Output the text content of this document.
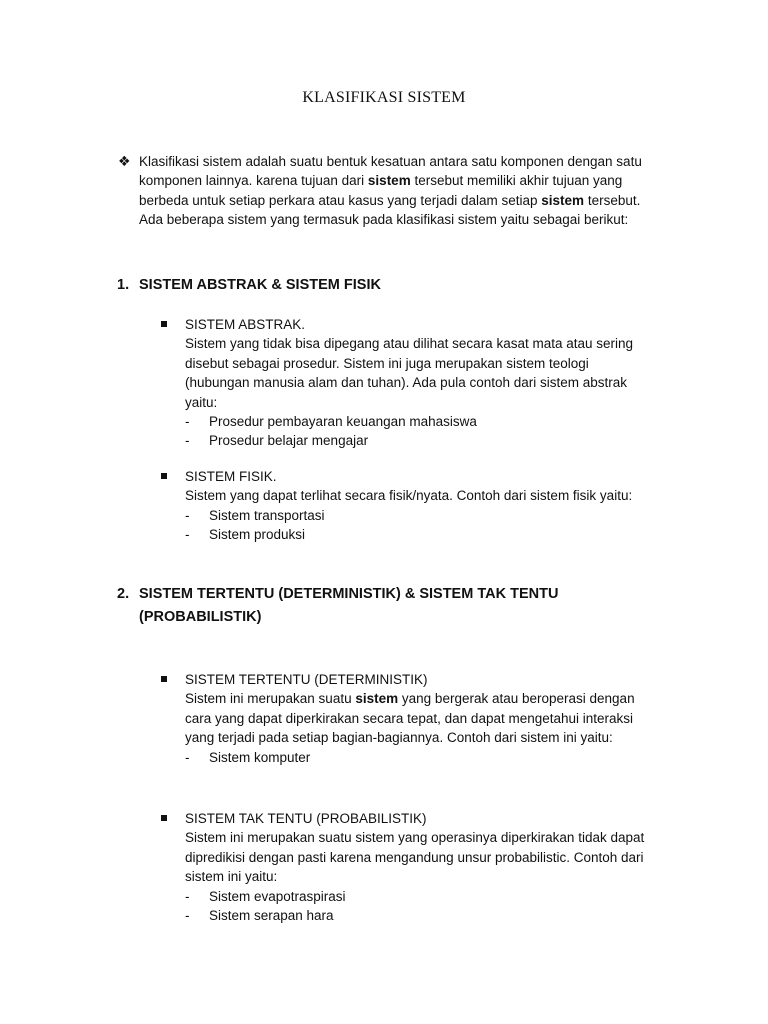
KLASIFIKASI SISTEM
❖ Klasifikasi sistem adalah suatu bentuk kesatuan antara satu komponen dengan satu
komponen lainnya. karena tujuan dari sistem tersebut memiliki akhir tujuan yang
berbeda untuk setiap perkara atau kasus yang terjadi dalam setiap sistem tersebut.
Ada beberapa sistem yang termasuk pada klasifikasi sistem yaitu sebagai berikut:
1. SISTEM ABSTRAK & SISTEM FISIK
SISTEM ABSTRAK.
Sistem yang tidak bisa dipegang atau dilihat secara kasat mata atau sering
disebut sebagai prosedur. Sistem ini juga merupakan sistem teologi
(hubungan manusia alam dan tuhan). Ada pula contoh dari sistem abstrak
yaitu:
- Prosedur pembayaran keuangan mahasiswa
- Prosedur belajar mengajar
SISTEM FISIK.
Sistem yang dapat terlihat secara fisik/nyata. Contoh dari sistem fisik yaitu:
- Sistem transportasi
- Sistem produksi
2. SISTEM TERTENTU (DETERMINISTIK) & SISTEM TAK TENTU
(PROBABILISTIK)
SISTEM TERTENTU (DETERMINISTIK)
Sistem ini merupakan suatu sistem yang bergerak atau beroperasi dengan
cara yang dapat diperkirakan secara tepat, dan dapat mengetahui interaksi
yang terjadi pada setiap bagian-bagiannya. Contoh dari sistem ini yaitu:
- Sistem komputer
SISTEM TAK TENTU (PROBABILISTIK)
Sistem ini merupakan suatu sistem yang operasinya diperkirakan tidak dapat
dipredikisi dengan pasti karena mengandung unsur probabilistic. Contoh dari
sistem ini yaitu:
- Sistem evapotraspirasi
- Sistem serapan hara
